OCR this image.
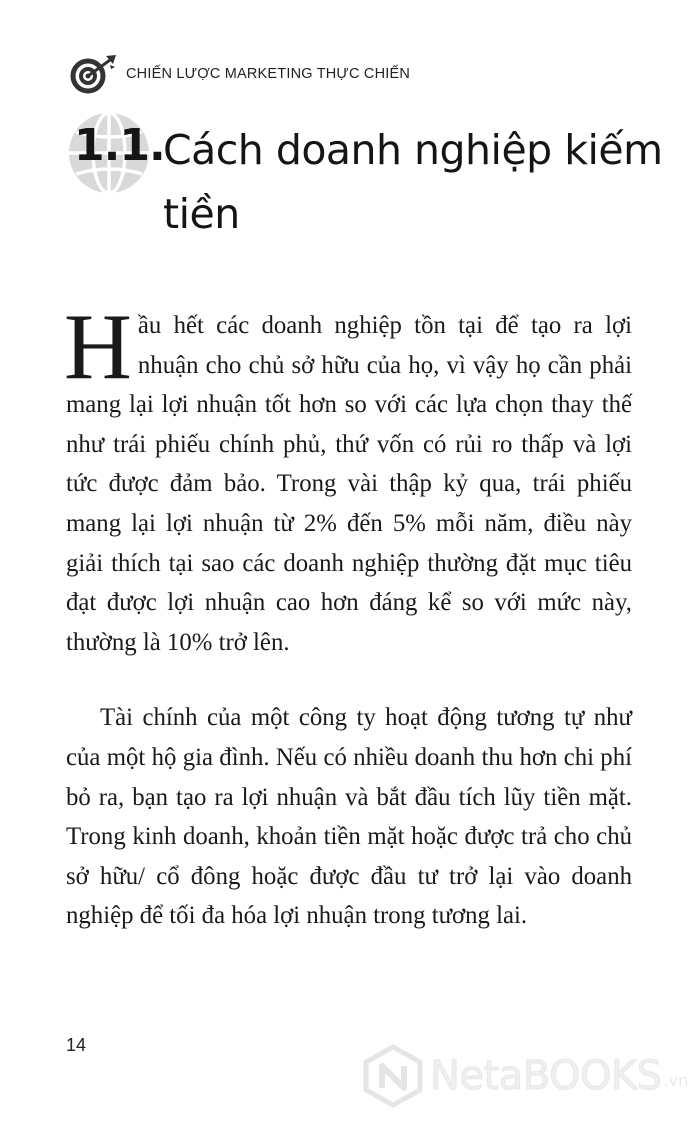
CHIẾN LƯỢC MARKETING THỰC CHIẾN
1.1.
Cách doanh nghiệp kiếm tiền

Hầu hết các doanh nghiệp tồn tại để tạo ra lợi nhuận cho chủ sở hữu của họ, vì vậy họ cần phải mang lại lợi nhuận tốt hơn so với các lựa chọn thay thế như trái phiếu chính phủ, thứ vốn có rủi ro thấp và lợi tức được đảm bảo. Trong vài thập kỷ qua, trái phiếu mang lại lợi nhuận từ 2% đến 5% mỗi năm, điều này giải thích tại sao các doanh nghiệp thường đặt mục tiêu đạt được lợi nhuận cao hơn đáng kể so với mức này, thường là 10% trở lên.

Tài chính của một công ty hoạt động tương tự như của một hộ gia đình. Nếu có nhiều doanh thu hơn chi phí bỏ ra, bạn tạo ra lợi nhuận và bắt đầu tích lũy tiền mặt. Trong kinh doanh, khoản tiền mặt hoặc được trả cho chủ sở hữu/ cổ đông hoặc được đầu tư trở lại vào doanh nghiệp để tối đa hóa lợi nhuận trong tương lai.

14
NetaBOOKS .vn
